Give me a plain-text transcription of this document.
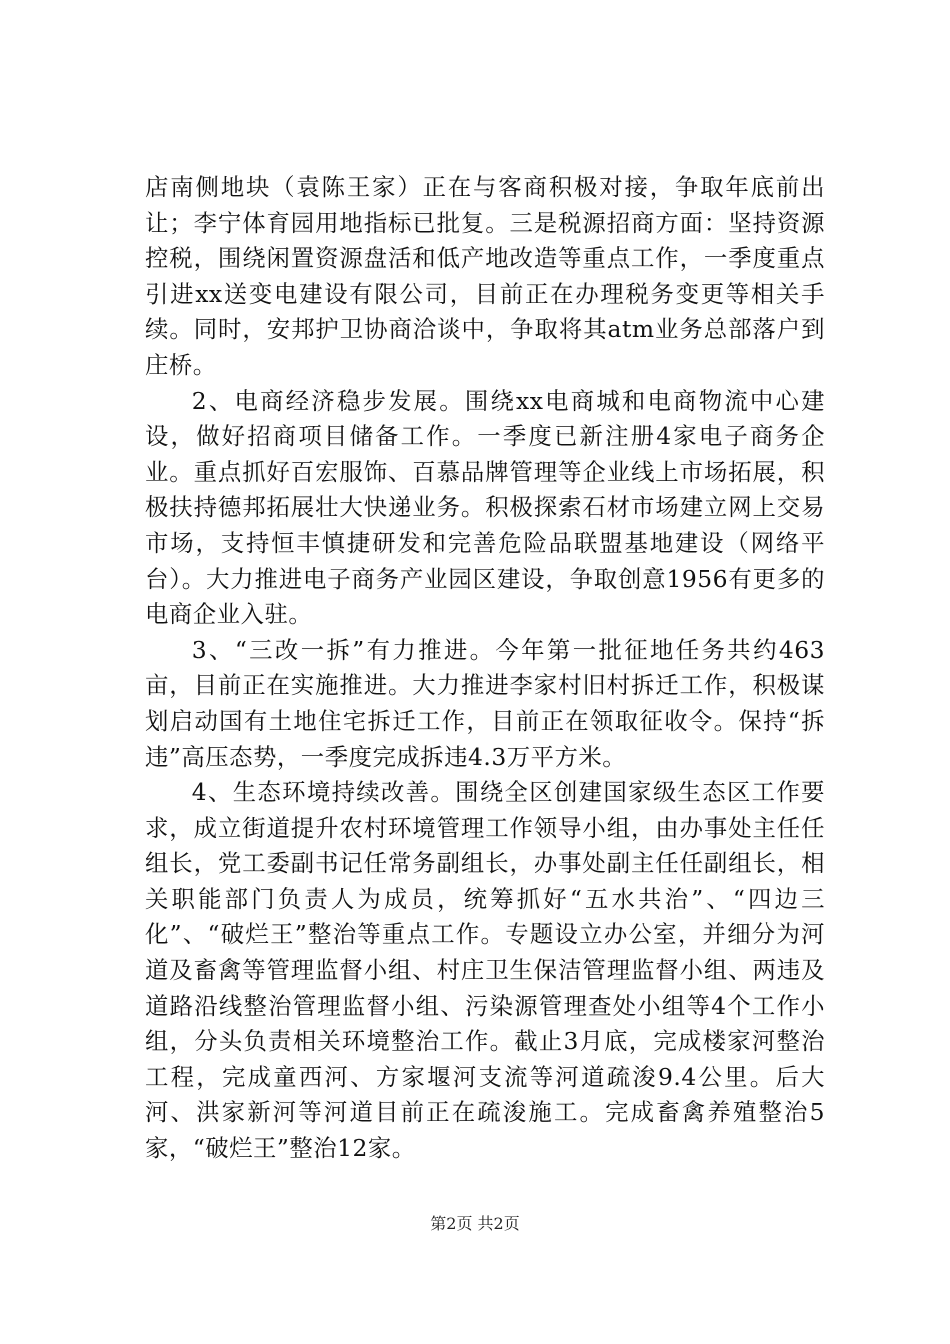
店南侧地块（袁陈王家）正在与客商积极对接，争取年底前出让；李宁体育园用地指标已批复。三是税源招商方面：坚持资源控税，围绕闲置资源盘活和低产地改造等重点工作，一季度重点引进xx送变电建设有限公司，目前正在办理税务变更等相关手续。同时，安邦护卫协商洽谈中，争取将其atm业务总部落户到庄桥。

2、电商经济稳步发展。围绕xx电商城和电商物流中心建设，做好招商项目储备工作。一季度已新注册4家电子商务企业。重点抓好百宏服饰、百慕品牌管理等企业线上市场拓展，积极扶持德邦拓展壮大快递业务。积极探索石材市场建立网上交易市场，支持恒丰慎捷研发和完善危险品联盟基地建设（网络平台）。大力推进电子商务产业园区建设，争取创意1956有更多的电商企业入驻。

3、“三改一拆”有力推进。今年第一批征地任务共约463亩，目前正在实施推进。大力推进李家村旧村拆迁工作，积极谋划启动国有土地住宅拆迁工作，目前正在领取征收令。保持“拆违”高压态势，一季度完成拆违4.3万平方米。

4、生态环境持续改善。围绕全区创建国家级生态区工作要求，成立街道提升农村环境管理工作领导小组，由办事处主任任组长，党工委副书记任常务副组长，办事处副主任任副组长，相关职能部门负责人为成员，统筹抓好“五水共治”、“四边三化”、“破烂王”整治等重点工作。专题设立办公室，并细分为河道及畜禽等管理监督小组、村庄卫生保洁管理监督小组、两违及道路沿线整治管理监督小组、污染源管理查处小组等4个工作小组，分头负责相关环境整治工作。截止3月底，完成楼家河整治工程，完成童西河、方家堰河支流等河道疏浚9.4公里。后大河、洪家新河等河道目前正在疏浚施工。完成畜禽养殖整治5家，“破烂王”整治12家。

第2页 共2页
